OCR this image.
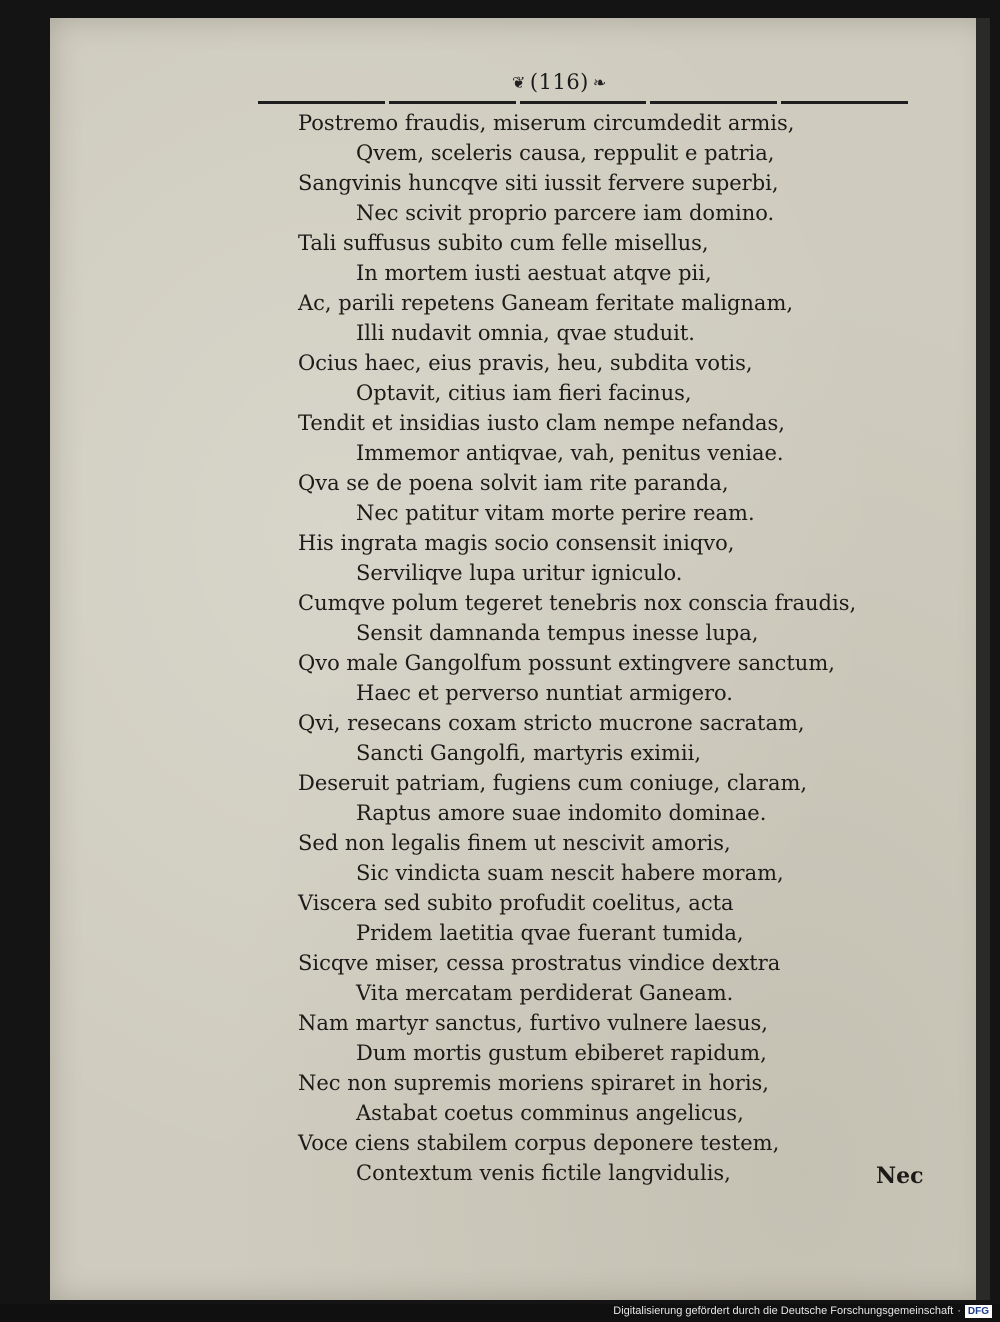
❦ (116) ❧
Postremo fraudis, miserum circumdedit armis,
Qvem, sceleris causa, reppulit e patria,
Sangvinis huncqve siti iussit fervere superbi,
Nec scivit proprio parcere iam domino.
Tali suffusus subito cum felle misellus,
In mortem iusti aestuat atqve pii,
Ac, parili repetens Ganeam feritate malignam,
Illi nudavit omnia, qvae studuit.
Ocius haec, eius pravis, heu, subdita votis,
Optavit, citius iam fieri facinus,
Tendit et insidias iusto clam nempe nefandas,
Immemor antiqvae, vah, penitus veniae.
Qva se de poena solvit iam rite paranda,
Nec patitur vitam morte perire ream.
His ingrata magis socio consensit iniqvo,
Serviliqve lupa uritur igniculo.
Cumqve polum tegeret tenebris nox conscia fraudis,
Sensit damnanda tempus inesse lupa,
Qvo male Gangolfum possunt extingvere sanctum,
Haec et perverso nuntiat armigero.
Qvi, resecans coxam stricto mucrone sacratam,
Sancti Gangolfi, martyris eximii,
Deseruit patriam, fugiens cum coniuge, claram,
Raptus amore suae indomito dominae.
Sed non legalis finem ut nescivit amoris,
Sic vindicta suam nescit habere moram,
Viscera sed subito profudit coelitus, acta
Pridem laetitia qvae fuerant tumida,
Sicqve miser, cessa prostratus vindice dextra
Vita mercatam perdiderat Ganeam.
Nam martyr sanctus, furtivo vulnere laesus,
Dum mortis gustum ebiberet rapidum,
Nec non supremis moriens spiraret in horis,
Astabat coetus comminus angelicus,
Voce ciens stabilem corpus deponere testem,
Contextum venis fictile langvidulis,	Nec
Digitalisierung gefördert durch die Deutsche Forschungsgemeinschaft · DFG
